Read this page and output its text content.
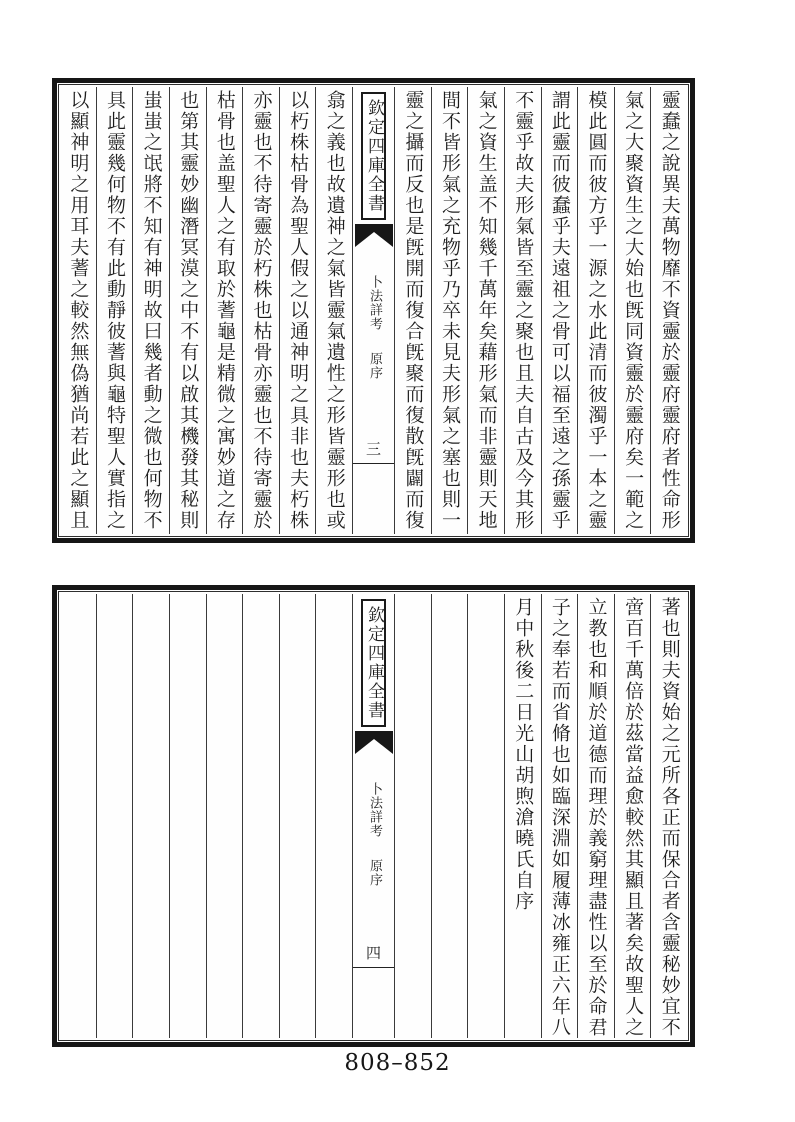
靈蠢之說異夫萬物靡不資靈於靈府靈府者性命形
氣之大聚資生之大始也旣同資靈於靈府矣一範之
模此圓而彼方乎一源之水此清而彼濁乎一本之靈
謂此靈而彼蠢乎夫遠祖之骨可以福至遠之孫靈乎
不靈乎故夫形氣皆至靈之聚也且夫自古及今其形
氣之資生盖不知幾千萬年矣藉形氣而非靈則天地
間不皆形氣之充物乎乃卒未見夫形氣之塞也則一
靈之攝而反也是旣開而復合旣聚而復散旣闢而復
欽定四庫全書
卜法詳考 原序
三
翕之義也故遺神之氣皆靈氣遺性之形皆靈形也或
以朽株枯骨為聖人假之以通神明之具非也夫朽株
亦靈也不待寄靈於朽株也枯骨亦靈也不待寄靈於
枯骨也盖聖人之有取於蓍龜是精微之寓妙道之存
也第其靈妙幽潛冥漠之中不有以啟其機發其秘則
蚩蚩之氓將不知有神明故曰幾者動之微也何物不
具此靈幾何物不有此動靜彼蓍與龜特聖人實指之
以顯神明之用耳夫蓍之較然無偽猶尚若此之顯且
著也則夫資始之元所各正而保合者含靈秘妙宜不
啻百千萬倍於茲當益愈較然其顯且著矣故聖人之
立教也和順於道德而理於義窮理盡性以至於命君
子之奉若而省脩也如臨深淵如履薄冰雍正六年八
月中秋後二日光山胡煦滄曉氏自序
欽定四庫全書
卜法詳考 原序
四
808–852
